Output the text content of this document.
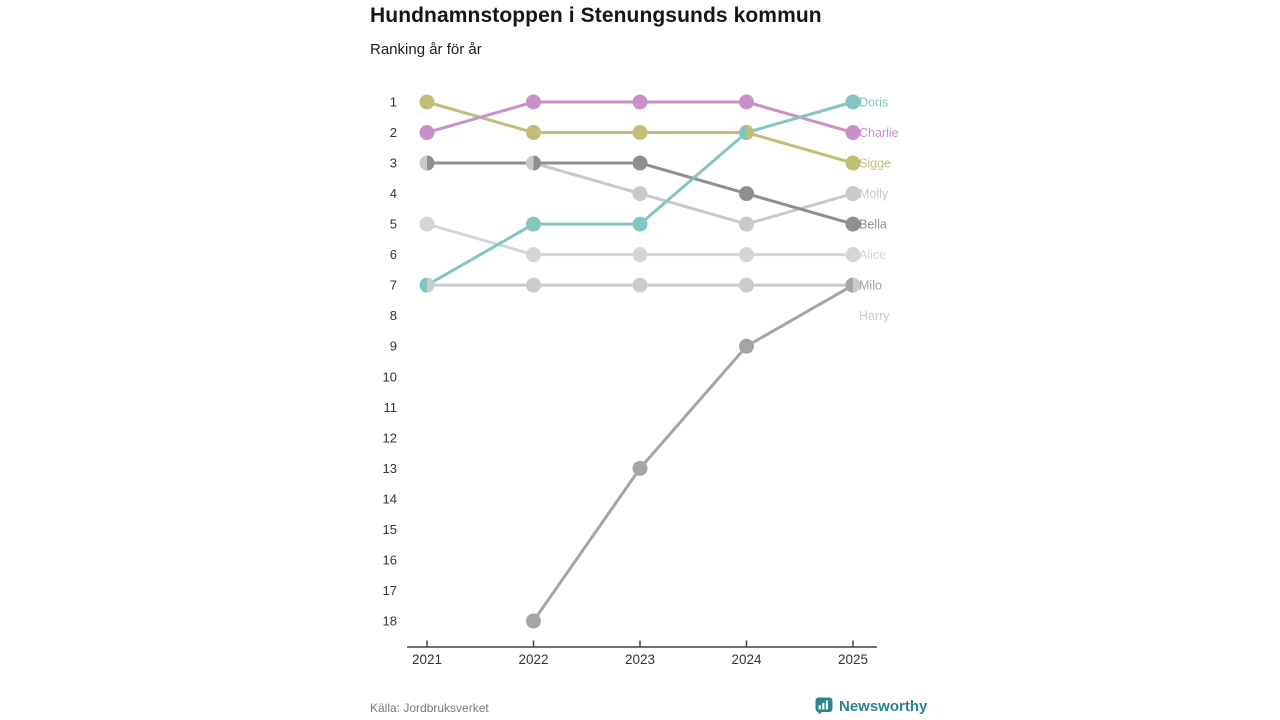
Hundnamnstoppen i Stenungsunds kommun
Ranking år för år
1
2
3
4
5
6
7
8
9
10
11
12
13
14
15
16
17
18
2021	2022	2023	2024	2025
Doris
Charlie
Sigge
Molly
Bella
Alice
Milo
Harry
Källa: Jordbruksverket	Newsworthy
